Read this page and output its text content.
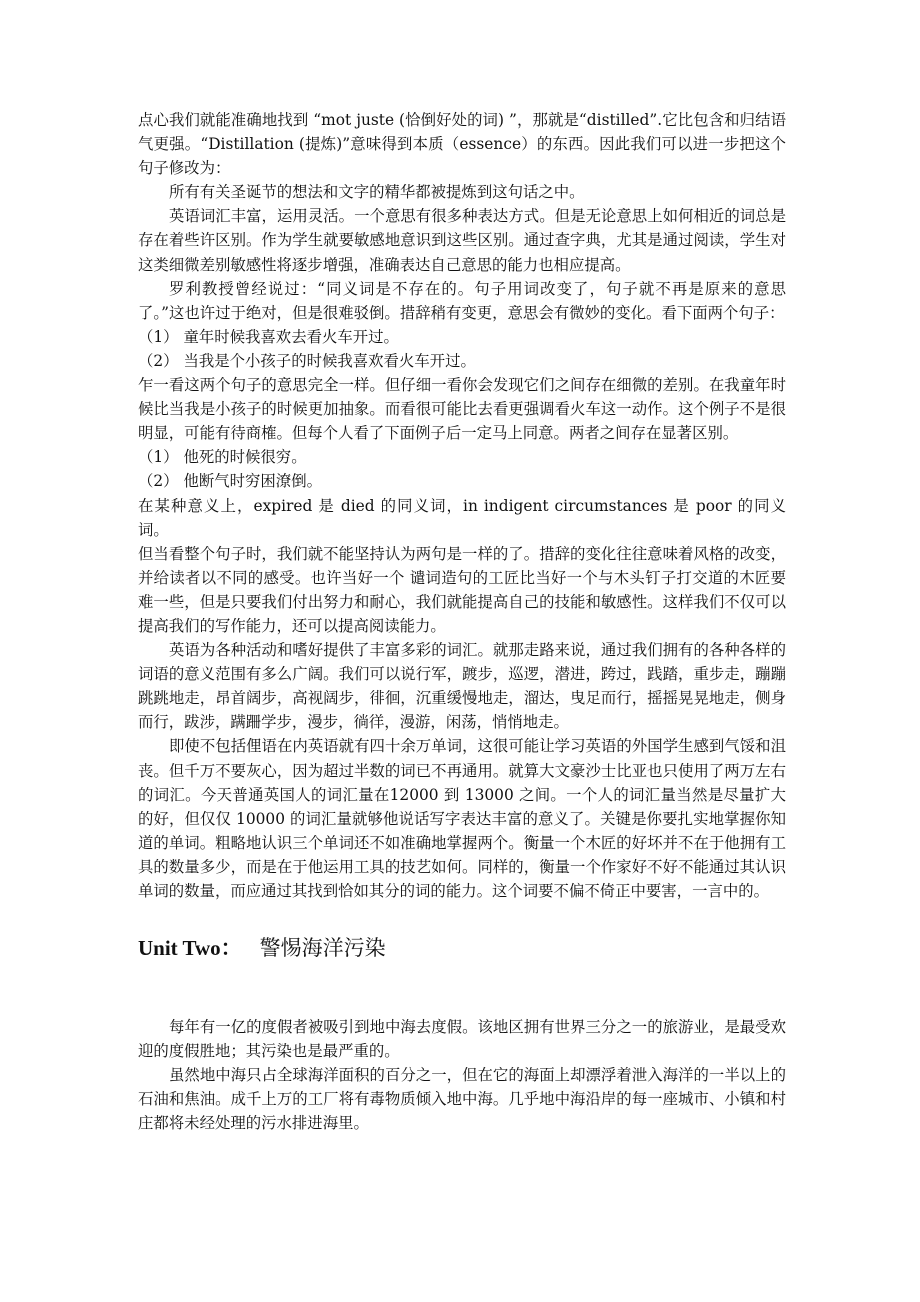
点心我们就能准确地找到 “mot juste (恰倒好处的词) ”，那就是“distilled”.它比包含和归结语气更强。“Distillation (提炼)”意味得到本质（essence）的东西。因此我们可以进一步把这个句子修改为：

所有有关圣诞节的想法和文字的精华都被提炼到这句话之中。

英语词汇丰富，运用灵活。一个意思有很多种表达方式。但是无论意思上如何相近的词总是存在着些许区别。作为学生就要敏感地意识到这些区别。通过查字典，尤其是通过阅读，学生对这类细微差别敏感性将逐步增强，准确表达自己意思的能力也相应提高。

罗利教授曾经说过：“同义词是不存在的。句子用词改变了，句子就不再是原来的意思了。”这也许过于绝对，但是很难驳倒。措辞稍有变更，意思会有微妙的变化。看下面两个句子：

（1） 童年时候我喜欢去看火车开过。

（2） 当我是个小孩子的时候我喜欢看火车开过。

乍一看这两个句子的意思完全一样。但仔细一看你会发现它们之间存在细微的差别。在我童年时候比当我是小孩子的时候更加抽象。而看很可能比去看更强调看火车这一动作。这个例子不是很明显，可能有待商榷。但每个人看了下面例子后一定马上同意。两者之间存在显著区别。

（1） 他死的时候很穷。

（2） 他断气时穷困潦倒。

在某种意义上，expired 是 died 的同义词，in indigent circumstances 是 poor 的同义词。

但当看整个句子时，我们就不能坚持认为两句是一样的了。措辞的变化往往意味着风格的改变，并给读者以不同的感受。也许当好一个 谴词造句的工匠比当好一个与木头钉子打交道的木匠要难一些，但是只要我们付出努力和耐心，我们就能提高自己的技能和敏感性。这样我们不仅可以提高我们的写作能力，还可以提高阅读能力。

英语为各种活动和嗜好提供了丰富多彩的词汇。就那走路来说，通过我们拥有的各种各样的词语的意义范围有多么广阔。我们可以说行军，踱步，巡逻，潜进，跨过，践踏，重步走，蹦蹦跳跳地走，昂首阔步，高视阔步，徘徊，沉重缓慢地走，溜达，曳足而行，摇摇晃晃地走，侧身而行，跋涉，蹒跚学步，漫步，徜徉，漫游，闲荡，悄悄地走。

即使不包括俚语在内英语就有四十余万单词，这很可能让学习英语的外国学生感到气馁和沮丧。但千万不要灰心，因为超过半数的词已不再通用。就算大文豪沙士比亚也只使用了两万左右的词汇。今天普通英国人的词汇量在12000 到 13000 之间。一个人的词汇量当然是尽量扩大的好，但仅仅 10000 的词汇量就够他说话写字表达丰富的意义了。关键是你要扎实地掌握你知道的单词。粗略地认识三个单词还不如准确地掌握两个。衡量一个木匠的好坏并不在于他拥有工具的数量多少，而是在于他运用工具的技艺如何。同样的，衡量一个作家好不好不能通过其认识单词的数量，而应通过其找到恰如其分的词的能力。这个词要不偏不倚正中要害，一言中的。

Unit Two： 警惕海洋污染

每年有一亿的度假者被吸引到地中海去度假。该地区拥有世界三分之一的旅游业，是最受欢迎的度假胜地；其污染也是最严重的。

虽然地中海只占全球海洋面积的百分之一，但在它的海面上却漂浮着泄入海洋的一半以上的石油和焦油。成千上万的工厂将有毒物质倾入地中海。几乎地中海沿岸的每一座城市、小镇和村庄都将未经处理的污水排进海里。
